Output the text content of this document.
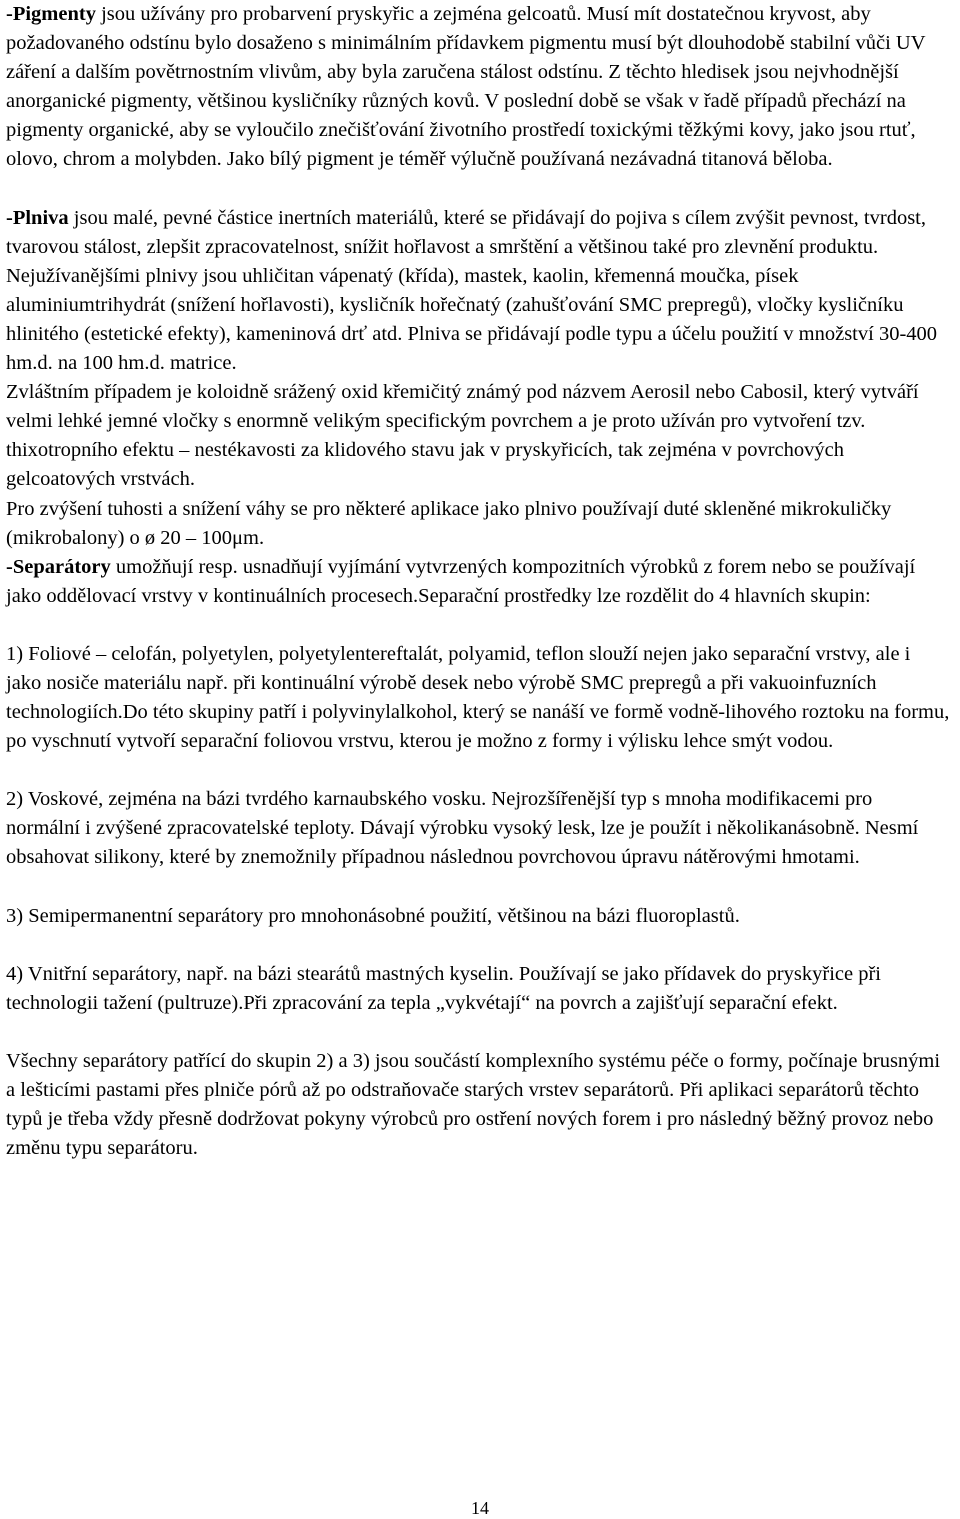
-Pigmenty jsou užívány pro probarvení pryskyřic a zejména gelcoatů. Musí mít dostatečnou kryvost, aby požadovaného odstínu bylo dosaženo s minimálním přídavkem pigmentu musí být dlouhodobě stabilní vůči UV záření a dalším povětrnostním vlivům, aby byla zaručena stálost odstínu. Z těchto hledisek jsou nejvhodnější anorganické pigmenty, většinou kysličníky různých kovů. V poslední době se však v řadě případů přechází na pigmenty organické, aby se vyloučilo znečišťování životního prostředí toxickými těžkými kovy, jako jsou rtuť, olovo, chrom a molybden. Jako bílý pigment je téměř výlučně používaná nezávadná titanová běloba.

-Plniva jsou malé, pevné částice inertních materiálů, které se přidávají do pojiva s cílem zvýšit pevnost, tvrdost, tvarovou stálost, zlepšit zpracovatelnost, snížit hořlavost a smrštění a většinou také pro zlevnění produktu. Nejužívanějšími plnivy jsou uhličitan vápenatý (křída), mastek, kaolin, křemenná moučka, písek aluminiumtrihydrát (snížení hořlavosti), kysličník hořečnatý (zahušťování SMC prepregů), vločky kysličníku hlinitého (estetické efekty), kameninová drť atd. Plniva se přidávají podle typu a účelu použití v množství 30-400 hm.d. na 100 hm.d. matrice.

Zvláštním případem je koloidně srážený oxid křemičitý známý pod názvem Aerosil nebo Cabosil, který vytváří velmi lehké jemné vločky s enormně velikým specifickým povrchem a je proto užíván pro vytvoření tzv. thixotropního efektu – nestékavosti za klidového stavu jak v pryskyřicích, tak zejména v povrchových gelcoatových vrstvách.

Pro zvýšení tuhosti a snížení váhy se pro některé aplikace jako plnivo používají duté skleněné mikrokuličky (mikrobalony) o ø 20 – 100μm.

-Separátory umožňují resp. usnadňují vyjímání vytvrzených kompozitních výrobků z forem nebo se používají jako oddělovací vrstvy v kontinuálních procesech.Separační prostředky lze rozdělit do 4 hlavních skupin:

1) Foliové – celofán, polyetylen, polyetylentereftalát, polyamid, teflon slouží nejen jako separační vrstvy, ale i jako nosiče materiálu např. při kontinuální výrobě desek nebo výrobě SMC prepregů a při vakuoinfuzních technologiích.Do této skupiny patří i polyvinylalkohol, který se nanáší ve formě vodně-lihového roztoku na formu, po vyschnutí vytvoří separační foliovou vrstvu, kterou je možno z formy i výlisku lehce smýt vodou.

2) Voskové, zejména na bázi tvrdého karnaubského vosku. Nejrozšířenější typ s mnoha modifikacemi pro normální i zvýšené zpracovatelské teploty. Dávají výrobku vysoký lesk, lze je použít i několikanásobně. Nesmí obsahovat silikony, které by znemožnily případnou následnou povrchovou úpravu nátěrovými hmotami.

3) Semipermanentní separátory pro mnohonásobné použití, většinou na bázi fluoroplastů.

4) Vnitřní separátory, např. na bázi stearátů mastných kyselin. Používají se jako přídavek do pryskyřice při technologii tažení (pultruze).Při zpracování za tepla „vykvétají“ na povrch a zajišťují separační efekt.

Všechny separátory patřící do skupin 2) a 3) jsou součástí komplexního systému péče o formy, počínaje brusnými a lešticími pastami přes plniče pórů až po odstraňovače starých vrstev separátorů. Při aplikaci separátorů těchto typů je třeba vždy přesně dodržovat pokyny výrobců pro ostření nových forem i pro následný běžný provoz nebo změnu typu separátoru.

14
